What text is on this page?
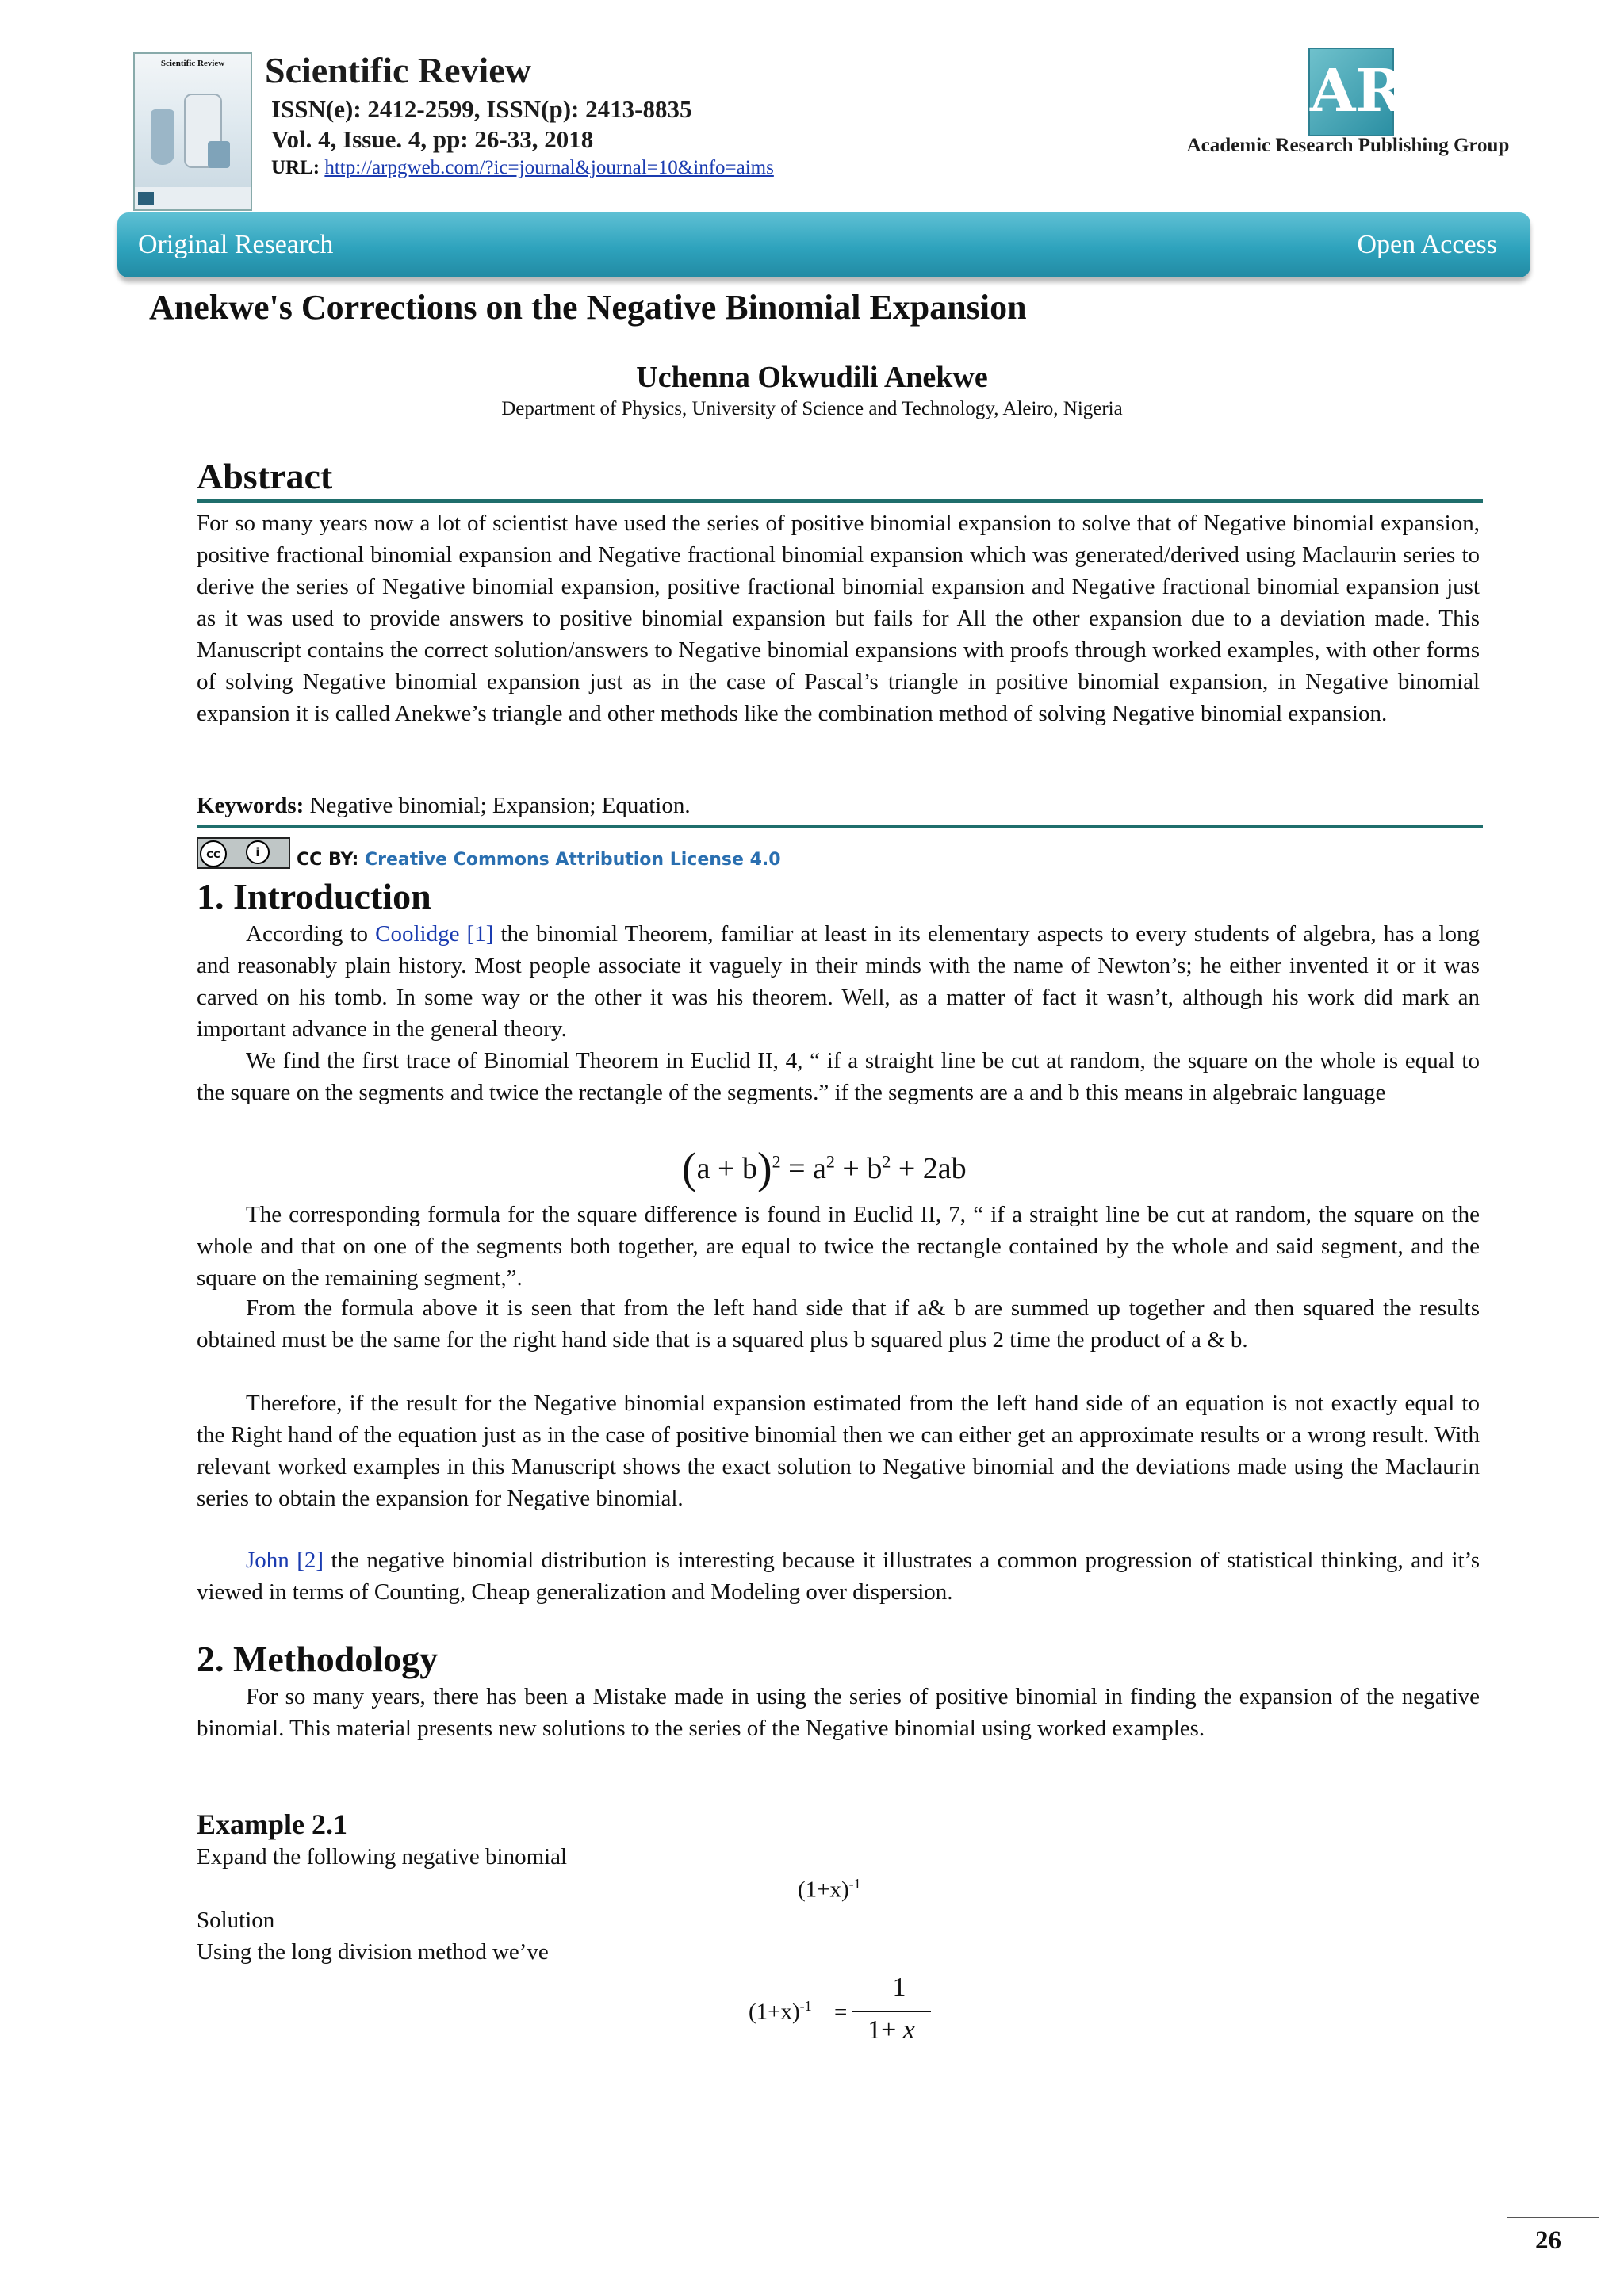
Scientific Review	Scientific Review
ISSN(e): 2412-2599, ISSN(p): 2413-8835
Vol. 4, Issue. 4, pp: 26-33, 2018
URL: http://arpgweb.com/?ic=journal&journal=10&info=aims
AR
Academic Research Publishing Group
Original Research	Open Access
Anekwe's Corrections on the Negative Binomial Expansion
Uchenna Okwudili Anekwe
Department of Physics, University of Science and Technology, Aleiro, Nigeria
Abstract
For so many years now a lot of scientist have used the series of positive binomial expansion to solve that of Negative binomial expansion, positive fractional binomial expansion and Negative fractional binomial expansion which was generated/derived using Maclaurin series to derive the series of Negative binomial expansion, positive fractional binomial expansion and Negative fractional binomial expansion just as it was used to provide answers to positive binomial expansion but fails for All the other expansion due to a deviation made. This Manuscript contains the correct solution/answers to Negative binomial expansions with proofs through worked examples, with other forms of solving Negative binomial expansion just as in the case of Pascal’s triangle in positive binomial expansion, in Negative binomial expansion it is called Anekwe’s triangle and other methods like the combination method of solving Negative binomial expansion.
Keywords: Negative binomial; Expansion; Equation.
cc	i	CC BY: Creative Commons Attribution License 4.0
1. Introduction
According to Coolidge [1] the binomial Theorem, familiar at least in its elementary aspects to every students of algebra, has a long and reasonably plain history. Most people associate it vaguely in their minds with the name of Newton’s; he either invented it or it was carved on his tomb. In some way or the other it was his theorem. Well, as a matter of fact it wasn’t, although his work did mark an important advance in the general theory.
We find the first trace of Binomial Theorem in Euclid II, 4, “ if a straight line be cut at random, the square on the whole is equal to the square on the segments and twice the rectangle of the segments.” if the segments are a and b this means in algebraic language
$(a + b)^2 = a^2 + b^2 + 2ab$
The corresponding formula for the square difference is found in Euclid II, 7, “ if a straight line be cut at random, the square on the whole and that on one of the segments both together, are equal to twice the rectangle contained by the whole and said segment, and the square on the remaining segment,”.
From the formula above it is seen that from the left hand side that if a& b are summed up together and then squared the results obtained must be the same for the right hand side that is a squared plus b squared plus 2 time the product of a & b.
Therefore, if the result for the Negative binomial expansion estimated from the left hand side of an equation is not exactly equal to the Right hand of the equation just as in the case of positive binomial then we can either get an approximate results or a wrong result. With relevant worked examples in this Manuscript shows the exact solution to Negative binomial and the deviations made using the Maclaurin series to obtain the expansion for Negative binomial.
John [2] the negative binomial distribution is interesting because it illustrates a common progression of statistical thinking, and it’s viewed in terms of Counting, Cheap generalization and Modeling over dispersion.
2. Methodology
For so many years, there has been a Mistake made in using the series of positive binomial in finding the expansion of the negative binomial. This material presents new solutions to the series of the Negative binomial using worked examples.
Example 2.1
Expand the following negative binomial
$(1+x)^{-1}$
Solution
Using the long division method we’ve
$(1+x)^{-1}$ =
1
1+ x
26
